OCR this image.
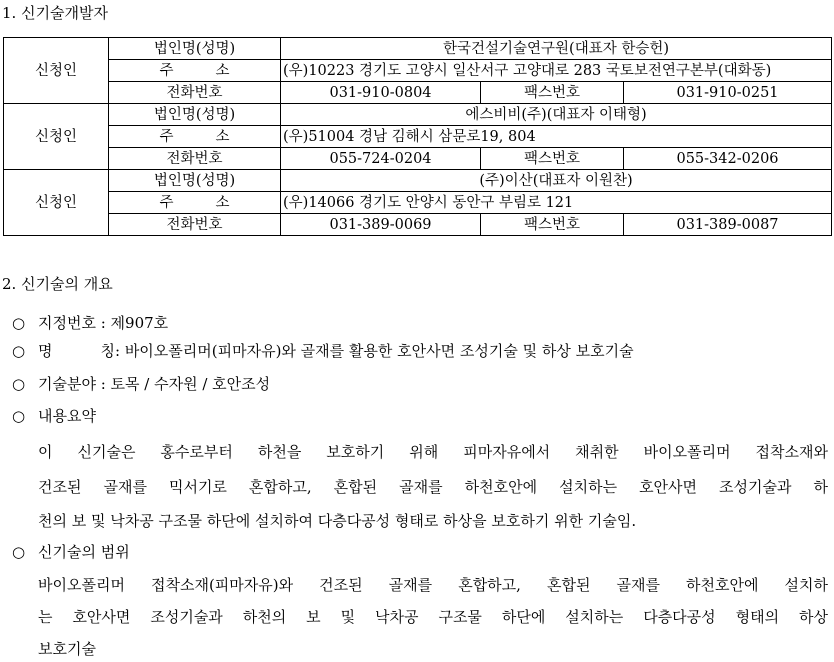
1. 신기술개발자
신청인	법인명(성명)	한국건설기술연구원(대표자 한승헌)		
	주 소	(우)10223 경기도 고양시 일산서구 고양대로 283 국토보전연구본부(대화동)		
	전화번호	031-910-0804	팩스번호	031-910-0251
신청인	법인명(성명)	에스비비(주)(대표자 이태형)		
	주 소	(우)51004 경남 김해시 삼문로19, 804		
	전화번호	055-724-0204	팩스번호	055-342-0206
신청인	법인명(성명)	(주)이산(대표자 이원찬)		
	주 소	(우)14066 경기도 안양시 동안구 부림로 121		
	전화번호	031-389-0069	팩스번호	031-389-0087
2. 신기술의 개요
○ 지정번호 : 제907호
○ 명 칭: 바이오폴리머(피마자유)와 골재를 활용한 호안사면 조성기술 및 하상 보호기술
○ 기술분야 : 토목 / 수자원 / 호안조성
○ 내용요약
이 신기술은 홍수로부터 하천을 보호하기 위해 피마자유에서 채취한 바이오폴리머 접착소재와
건조된 골재를 믹서기로 혼합하고, 혼합된 골재를 하천호안에 설치하는 호안사면 조성기술과 하
천의 보 및 낙차공 구조물 하단에 설치하여 다층다공성 형태로 하상을 보호하기 위한 기술임.
○ 신기술의 범위
바이오폴리머 접착소재(피마자유)와 건조된 골재를 혼합하고, 혼합된 골재를 하천호안에 설치하
는 호안사면 조성기술과 하천의 보 및 낙차공 구조물 하단에 설치하는 다층다공성 형태의 하상
보호기술
